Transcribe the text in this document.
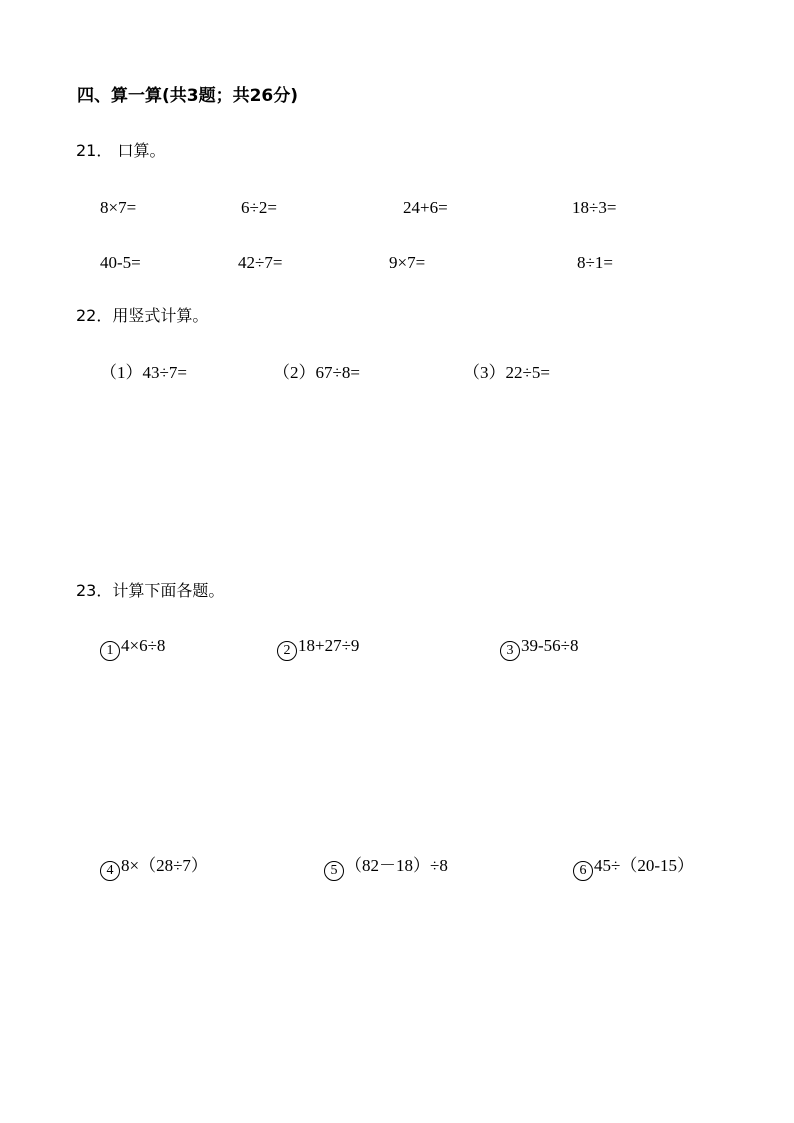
四、算一算(共3题；共26分)
21． 口算。
8×7=	6÷2=	24+6=	18÷3=
40-5=	42÷7=	9×7=	8÷1=
22．用竖式计算。
（1）43÷7=	（2）67÷8=	（3）22÷5=
23．计算下面各题。
1 4×6÷8	2 18+27÷9	3 39-56÷8
4 8×（28÷7）	5 （82－18）÷8	6 45÷（20-15）
